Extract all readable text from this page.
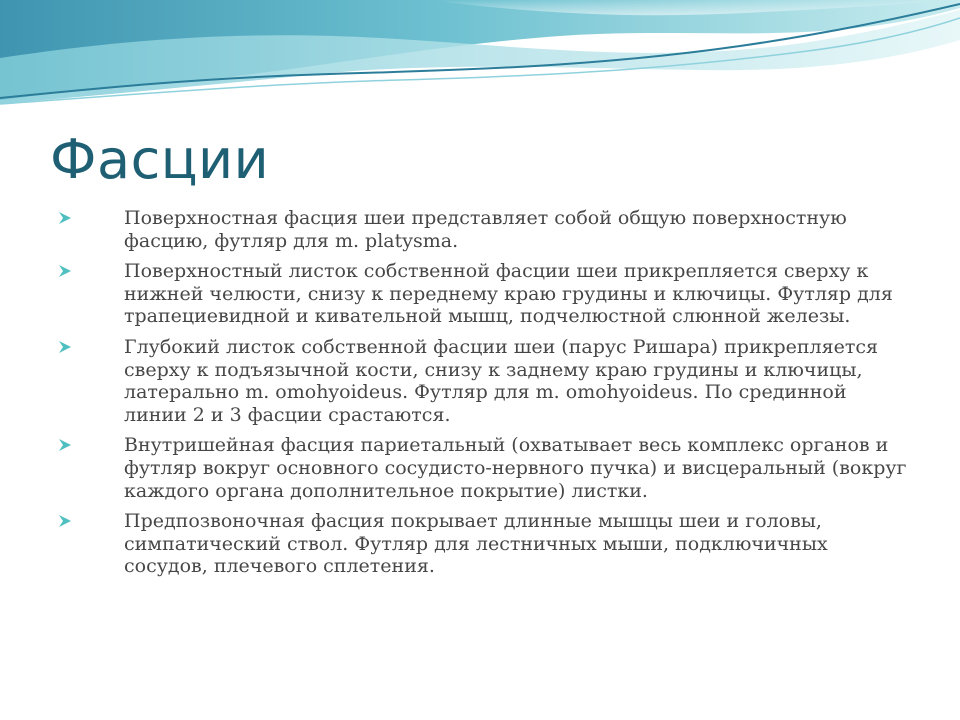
Фасции
Поверхностная фасция шеи представляет собой общую поверхностную фасцию, футляр для m. platysma.
Поверхностный листок собственной фасции шеи прикрепляется сверху к нижней челюсти, снизу к переднему краю грудины и ключицы. Футляр для трапециевидной и кивательной мышц, подчелюстной слюнной железы.
Глубокий листок собственной фасции шеи (парус Ришара) прикрепляется сверху к подъязычной кости, снизу к заднему краю грудины и ключицы, латерально m. omohyoideus. Футляр для m. omohyoideus. По срединной линии 2 и 3 фасции срастаются.
Внутришейная фасция париетальный (охватывает весь комплекс органов и футляр вокруг основного сосудисто-нервного пучка) и висцеральный (вокруг каждого органа дополнительное покрытие) листки.
Предпозвоночная фасция покрывает длинные мышцы шеи и головы, симпатический ствол. Футляр для лестничных мыши, подключичных сосудов, плечевого сплетения.
